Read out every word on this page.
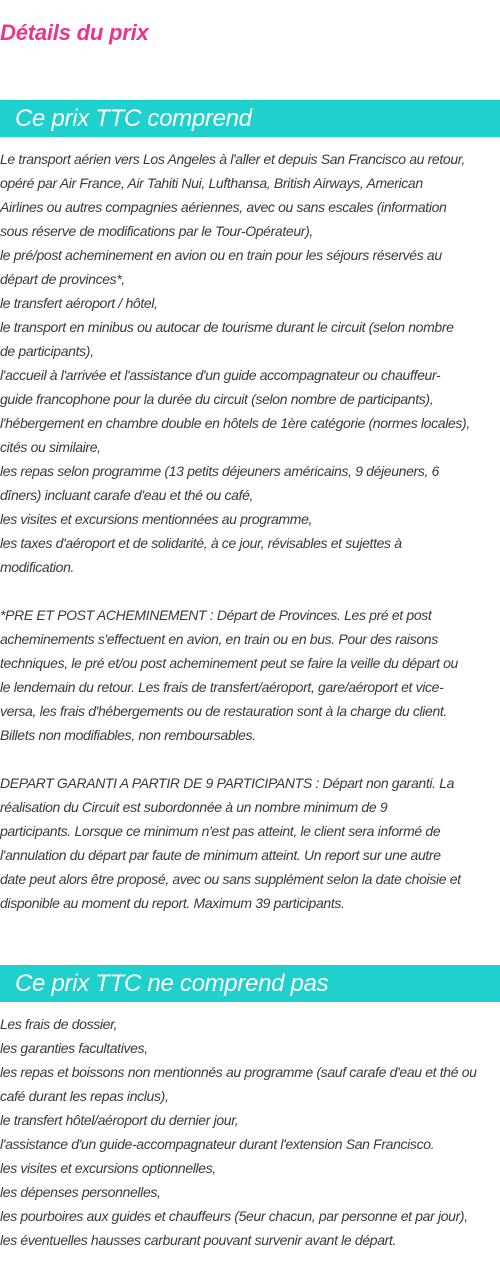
Détails du prix
Ce prix TTC comprend
Le transport aérien vers Los Angeles à l'aller et depuis San Francisco au retour,
opéré par Air France, Air Tahiti Nui, Lufthansa, British Airways, American
Airlines ou autres compagnies aériennes, avec ou sans escales (information
sous réserve de modifications par le Tour-Opérateur),
le pré/post acheminement en avion ou en train pour les séjours réservés au
départ de provinces*,
le transfert aéroport / hôtel,
le transport en minibus ou autocar de tourisme durant le circuit (selon nombre
de participants),
l'accueil à l'arrivée et l'assistance d'un guide accompagnateur ou chauffeur-
guide francophone pour la durée du circuit (selon nombre de participants),
l'hébergement en chambre double en hôtels de 1ère catégorie (normes locales),
cités ou similaire,
les repas selon programme (13 petits déjeuners américains, 9 déjeuners, 6
dîners) incluant carafe d'eau et thé ou café,
les visites et excursions mentionnées au programme,
les taxes d'aéroport et de solidarité, à ce jour, révisables et sujettes à
modification.
*PRE ET POST ACHEMINEMENT : Départ de Provinces. Les pré et post
acheminements s'effectuent en avion, en train ou en bus. Pour des raisons
techniques, le pré et/ou post acheminement peut se faire la veille du départ ou
le lendemain du retour. Les frais de transfert/aéroport, gare/aéroport et vice-
versa, les frais d'hébergements ou de restauration sont à la charge du client.
Billets non modifiables, non remboursables.
DEPART GARANTI A PARTIR DE 9 PARTICIPANTS : Départ non garanti. La
réalisation du Circuit est subordonnée à un nombre minimum de 9
participants. Lorsque ce minimum n'est pas atteint, le client sera informé de
l'annulation du départ par faute de minimum atteint. Un report sur une autre
date peut alors être proposé, avec ou sans supplément selon la date choisie et
disponible au moment du report. Maximum 39 participants.
Ce prix TTC ne comprend pas
Les frais de dossier,
les garanties facultatives,
les repas et boissons non mentionnés au programme (sauf carafe d'eau et thé ou
café durant les repas inclus),
le transfert hôtel/aéroport du dernier jour,
l'assistance d'un guide-accompagnateur durant l'extension San Francisco.
les visites et excursions optionnelles,
les dépenses personnelles,
les pourboires aux guides et chauffeurs (5eur chacun, par personne et par jour),
les éventuelles hausses carburant pouvant survenir avant le départ.
